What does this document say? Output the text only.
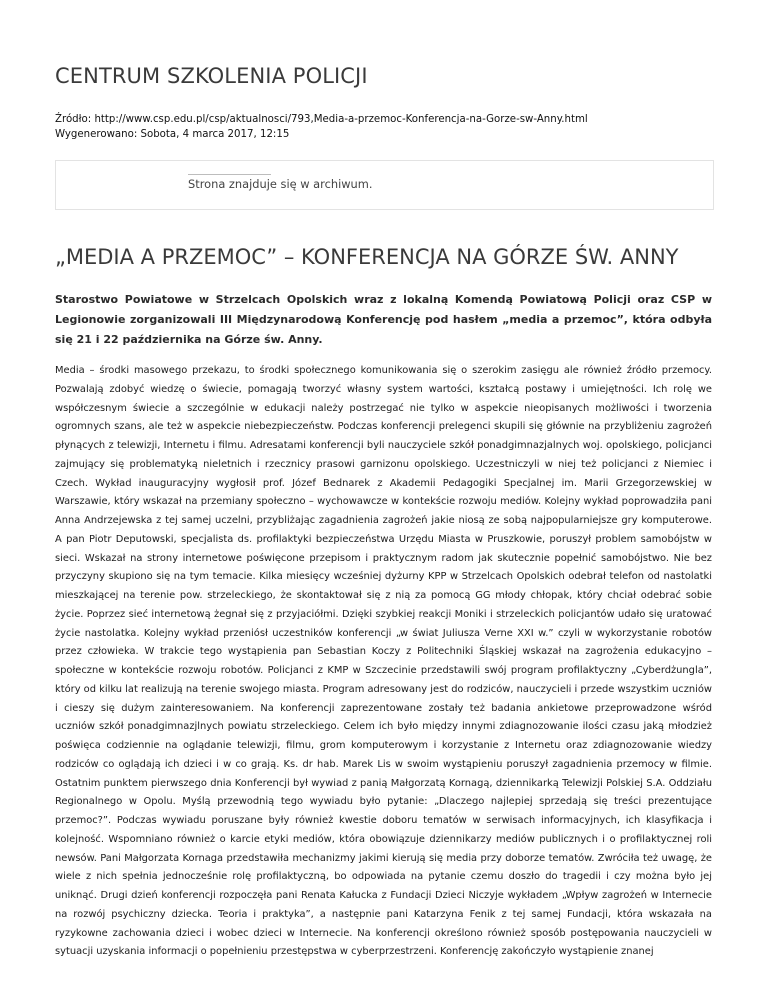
CENTRUM SZKOLENIA POLICJI
Źródło: http://www.csp.edu.pl/csp/aktualnosci/793,Media-a-przemoc-Konferencja-na-Gorze-sw-Anny.html
Wygenerowano: Sobota, 4 marca 2017, 12:15
Strona znajduje się w archiwum.
„MEDIA A PRZEMOC” – KONFERENCJA NA GÓRZE ŚW. ANNY
Starostwo Powiatowe w Strzelcach Opolskich wraz z lokalną Komendą Powiatową Policji oraz CSP w Legionowie zorganizowali III Międzynarodową Konferencję pod hasłem „media a przemoc”, która odbyła się 21 i 22 października na Górze św. Anny.
Media – środki masowego przekazu, to środki społecznego komunikowania się o szerokim zasięgu ale również źródło przemocy. Pozwalają zdobyć wiedzę o świecie, pomagają tworzyć własny system wartości, kształcą postawy i umiejętności. Ich rolę we współczesnym świecie a szczególnie w edukacji należy postrzegać nie tylko w aspekcie nieopisanych możliwości i tworzenia ogromnych szans, ale też w aspekcie niebezpieczeństw. Podczas konferencji prelegenci skupili się głównie na przybliżeniu zagrożeń płynących z telewizji, Internetu i filmu. Adresatami konferencji byli nauczyciele szkół ponadgimnazjalnych woj. opolskiego, policjanci zajmujący się problematyką nieletnich i rzecznicy prasowi garnizonu opolskiego. Uczestniczyli w niej też policjanci z Niemiec i Czech. Wykład inauguracyjny wygłosił prof. Józef Bednarek z Akademii Pedagogiki Specjalnej im. Marii Grzegorzewskiej w Warszawie, który wskazał na przemiany społeczno – wychowawcze w kontekście rozwoju mediów. Kolejny wykład poprowadziła pani Anna Andrzejewska z tej samej uczelni, przybliżając zagadnienia zagrożeń jakie niosą ze sobą najpopularniejsze gry komputerowe. A pan Piotr Deputowski, specjalista ds. profilaktyki bezpieczeństwa Urzędu Miasta w Pruszkowie, poruszył problem samobójstw w sieci. Wskazał na strony internetowe poświęcone przepisom i praktycznym radom jak skutecznie popełnić samobójstwo. Nie bez przyczyny skupiono się na tym temacie. Kilka miesięcy wcześniej dyżurny KPP w Strzelcach Opolskich odebrał telefon od nastolatki mieszkającej na terenie pow. strzeleckiego, że skontaktował się z nią za pomocą GG młody chłopak, który chciał odebrać sobie życie. Poprzez sieć internetową żegnał się z przyjaciółmi. Dzięki szybkiej reakcji Moniki i strzeleckich policjantów udało się uratować życie nastolatka. Kolejny wykład przeniósł uczestników konferencji „w świat Juliusza Verne XXI w.” czyli w wykorzystanie robotów przez człowieka. W trakcie tego wystąpienia pan Sebastian Koczy z Politechniki Śląskiej wskazał na zagrożenia edukacyjno – społeczne w kontekście rozwoju robotów. Policjanci z KMP w Szczecinie przedstawili swój program profilaktyczny „Cyberdżungla”, który od kilku lat realizują na terenie swojego miasta. Program adresowany jest do rodziców, nauczycieli i przede wszystkim uczniów i cieszy się dużym zainteresowaniem. Na konferencji zaprezentowane zostały też badania ankietowe przeprowadzone wśród uczniów szkół ponadgimnazjlnych powiatu strzeleckiego. Celem ich było między innymi zdiagnozowanie ilości czasu jaką młodzież poświęca codziennie na oglądanie telewizji, filmu, grom komputerowym i korzystanie z Internetu oraz zdiagnozowanie wiedzy rodziców co oglądają ich dzieci i w co grają. Ks. dr hab. Marek Lis w swoim wystąpieniu poruszył zagadnienia przemocy w filmie. Ostatnim punktem pierwszego dnia Konferencji był wywiad z panią Małgorzatą Kornagą, dziennikarką Telewizji Polskiej S.A. Oddziału Regionalnego w Opolu. Myślą przewodnią tego wywiadu było pytanie: „Dlaczego najlepiej sprzedają się treści prezentujące przemoc?”. Podczas wywiadu poruszane były również kwestie doboru tematów w serwisach informacyjnych, ich klasyfikacja i kolejność. Wspomniano również o karcie etyki mediów, która obowiązuje dziennikarzy mediów publicznych i o profilaktycznej roli newsów. Pani Małgorzata Kornaga przedstawiła mechanizmy jakimi kierują się media przy doborze tematów. Zwróciła też uwagę, że wiele z nich spełnia jednocześnie rolę profilaktyczną, bo odpowiada na pytanie czemu doszło do tragedii i czy można było jej uniknąć. Drugi dzień konferencji rozpoczęła pani Renata Kałucka z Fundacji Dzieci Niczyje wykładem „Wpływ zagrożeń w Internecie na rozwój psychiczny dziecka. Teoria i praktyka”, a następnie pani Katarzyna Fenik z tej samej Fundacji, która wskazała na ryzykowne zachowania dzieci i wobec dzieci w Internecie. Na konferencji określono również sposób postępowania nauczycieli w sytuacji uzyskania informacji o popełnieniu przestępstwa w cyberprzestrzeni. Konferencję zakończyło wystąpienie znanej
